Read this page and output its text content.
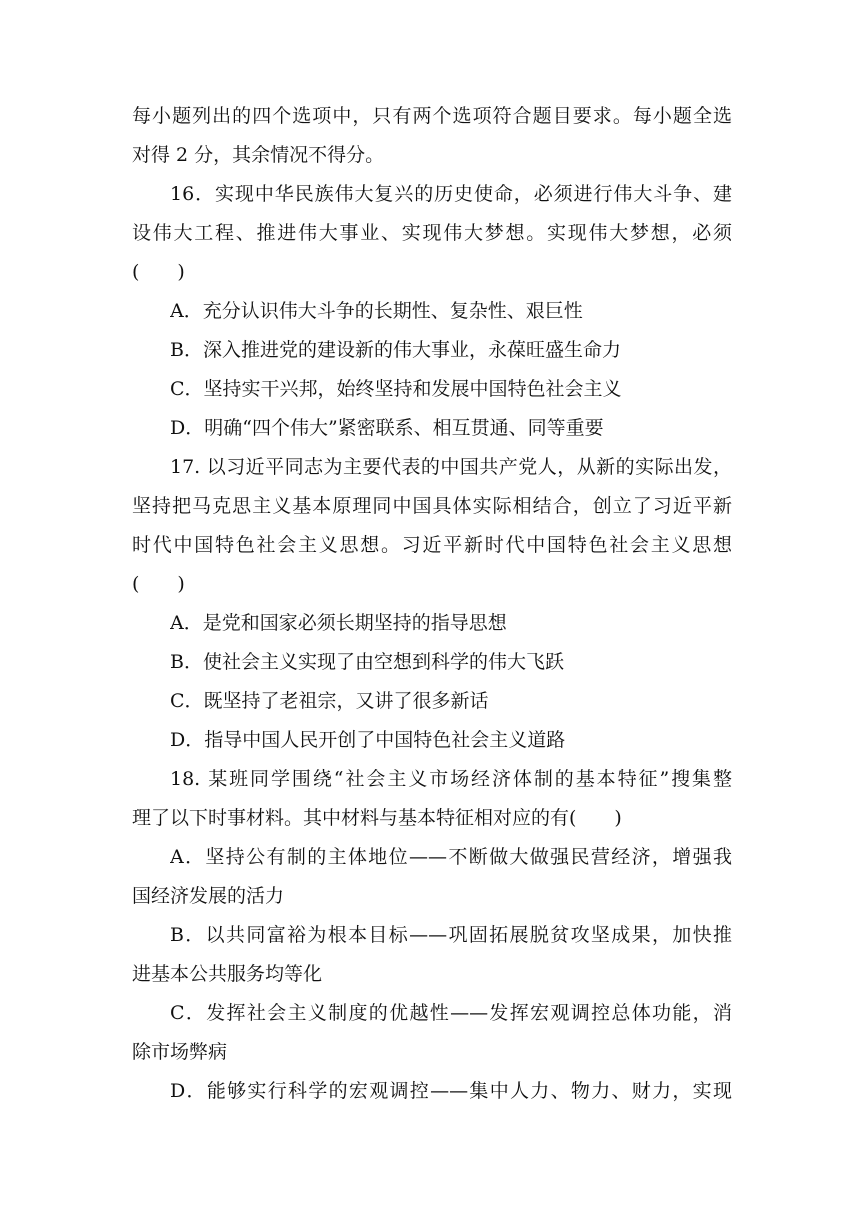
每小题列出的四个选项中，只有两个选项符合题目要求。每小题全选
对得 2 分，其余情况不得分。
16．实现中华民族伟大复兴的历史使命，必须进行伟大斗争、建
设伟大工程、推进伟大事业、实现伟大梦想。实现伟大梦想，必须
(　　)
A．充分认识伟大斗争的长期性、复杂性、艰巨性
B．深入推进党的建设新的伟大事业，永葆旺盛生命力
C．坚持实干兴邦，始终坚持和发展中国特色社会主义
D．明确“四个伟大”紧密联系、相互贯通、同等重要
17. 以习近平同志为主要代表的中国共产党人，从新的实际出发，
坚持把马克思主义基本原理同中国具体实际相结合，创立了习近平新
时代中国特色社会主义思想。习近平新时代中国特色社会主义思想
(　　)
A．是党和国家必须长期坚持的指导思想
B．使社会主义实现了由空想到科学的伟大飞跃
C．既坚持了老祖宗，又讲了很多新话
D．指导中国人民开创了中国特色社会主义道路
18. 某班同学围绕“社会主义市场经济体制的基本特征”搜集整
理了以下时事材料。其中材料与基本特征相对应的有(　　)
A．坚持公有制的主体地位——不断做大做强民营经济，增强我
国经济发展的活力
B．以共同富裕为根本目标——巩固拓展脱贫攻坚成果，加快推
进基本公共服务均等化
C．发挥社会主义制度的优越性——发挥宏观调控总体功能，消
除市场弊病
D．能够实行科学的宏观调控——集中人力、物力、财力，实现
